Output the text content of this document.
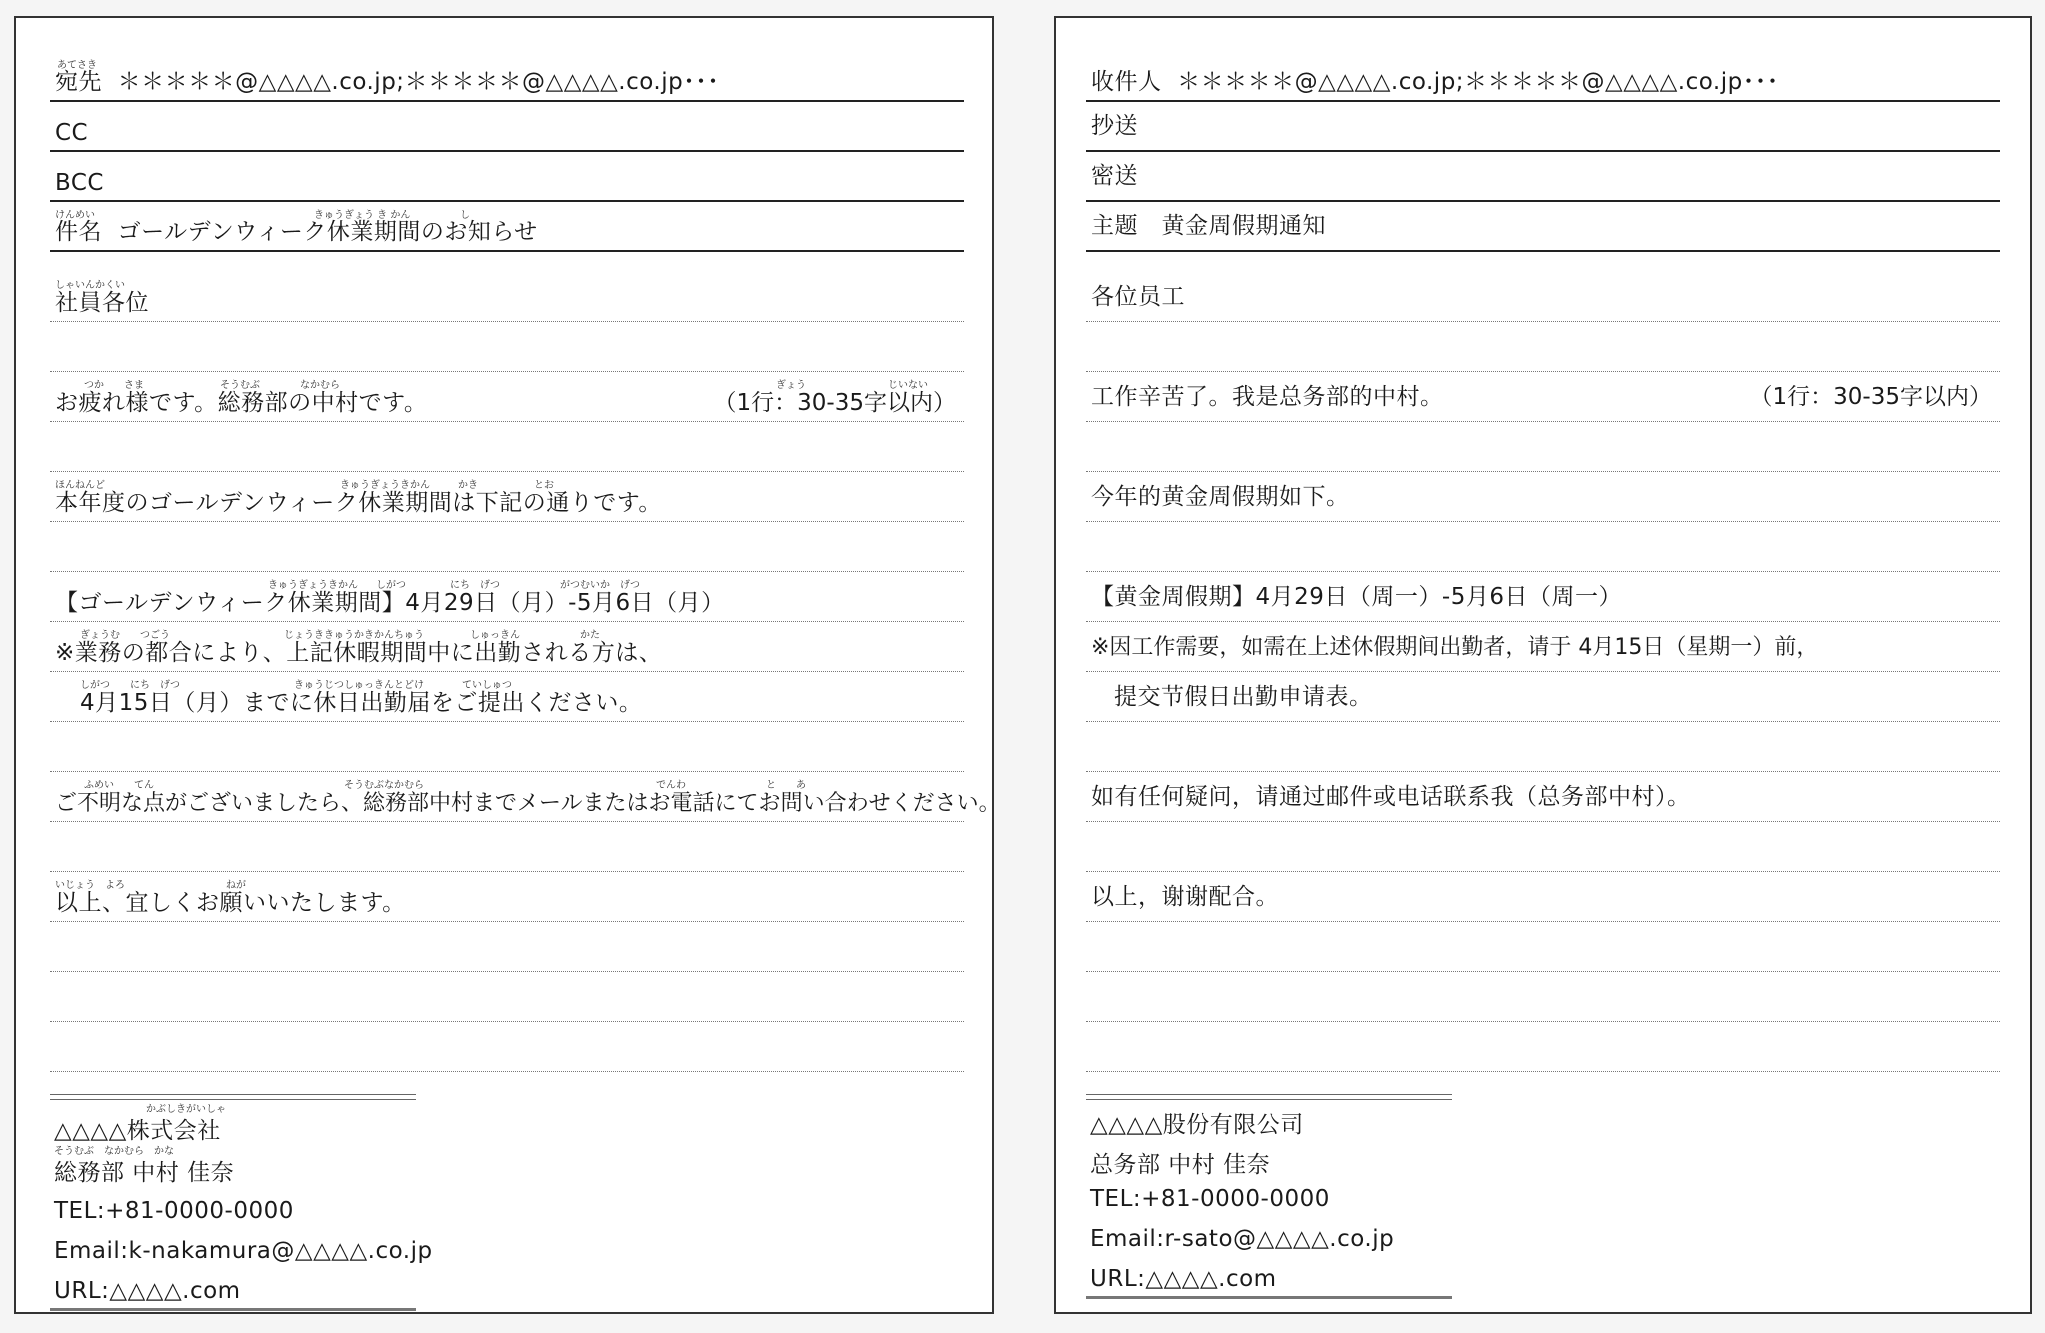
あてさき
宛先 ＊＊＊＊＊@△△△△.co.jp;＊＊＊＊＊@△△△△.co.jp･･･
CC
BCC
けんめい	きゅうぎょう き かん	し
件名 ゴールデンウィーク休業期間のお知らせ
しゃいんかくい
社員各位
つか　　さま	そうむぶ	なかむら	ぎょう	じいない
お疲れ様です。総務部の中村です。	（1行：30-35字以内）
ほんねんど	きゅうぎょうきかん	かき	とお
本年度のゴールデンウィーク休業期間は下記の通りです。
きゅうぎょうきかん しがつ	にち　げつ	がつむいか　げつ
【ゴールデンウィーク休業期間】4月29日（月）-5月6日（月）
ぎょうむ　　つごう	じょうききゅうかきかんちゅう	しゅっきん	かた
※業務の都合により、上記休暇期間中に出勤される方は、
しがつ　　にち　げつ	きゅうじつしゅっきんとどけ	ていしゅつ
4月15日（月）までに休日出勤届をご提出ください。
ふめい　　てん	そうむぶなかむら	でんわ	と　　あ
ご不明な点がございましたら、総務部中村までメールまたはお電話にてお問い合わせください。
いじょう　よろ	ねが
以上、宜しくお願いいたします。
かぶしきがいしゃ
△△△△株式会社
そうむぶ　なかむら　かな
総務部 中村 佳奈
TEL:+81-0000-0000
Email:k-nakamura@△△△△.co.jp
URL:△△△△.com
收件人 ＊＊＊＊＊@△△△△.co.jp;＊＊＊＊＊@△△△△.co.jp･･･
抄送
密送
主题 黄金周假期通知
各位员工
工作辛苦了。我是总务部的中村。	（1行：30-35字以内）
今年的黄金周假期如下。
【黄金周假期】4月29日（周一）-5月6日（周一）
※因工作需要，如需在上述休假期间出勤者，请于 4月15日（星期一）前，
提交节假日出勤申请表。
如有任何疑问，请通过邮件或电话联系我（总务部中村）。
以上，谢谢配合。
△△△△股份有限公司
总务部 中村 佳奈
TEL:+81-0000-0000
Email:r-sato@△△△△.co.jp
URL:△△△△.com
